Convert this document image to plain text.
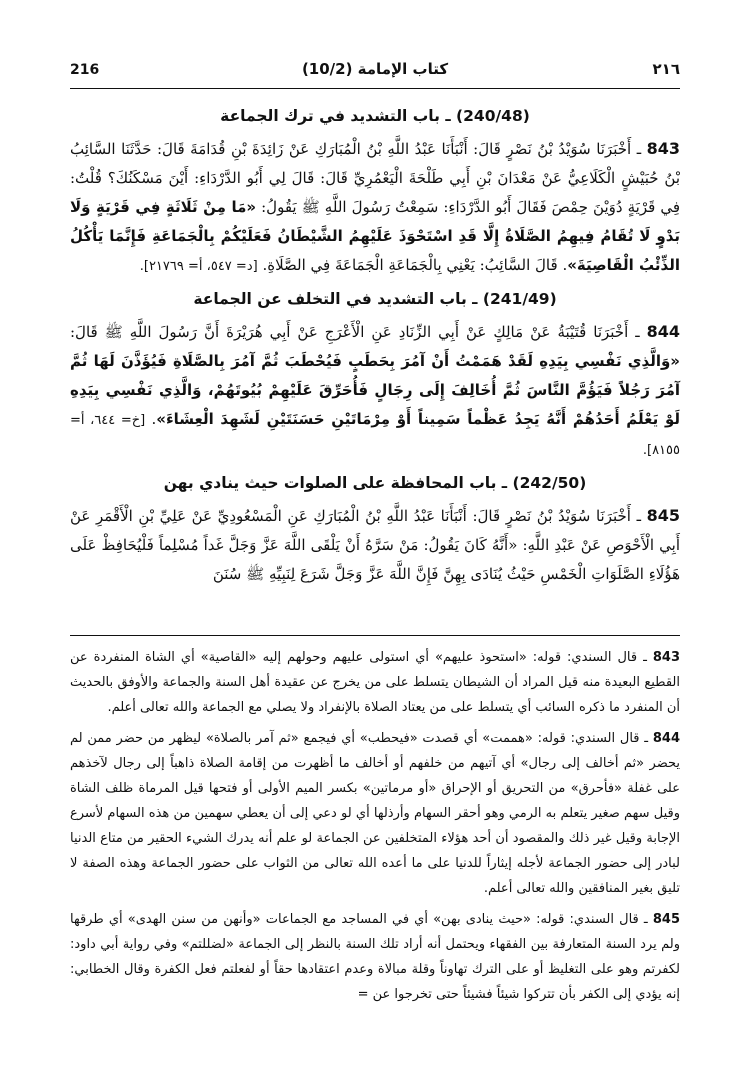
216	(10/2) كتاب الإمامة	٢١٦
(240/48) ـ باب التشديد في ترك الجماعة

843 ـ أَخْبَرَنَا سُوَيْدُ بْنُ نَصْرٍ قَالَ: أَنْبَأَنَا عَبْدُ اللَّهِ بْنُ الْمُبَارَكِ عَنْ زَائِدَةَ بْنِ قُدَامَةَ قَالَ: حَدَّثَنَا السَّائِبُ بْنُ حُبَيْشٍ الْكَلَاعِيُّ عَنْ مَعْدَانَ بْنِ أَبِي طَلْحَةَ الْيَعْمُرِيِّ قَالَ: قَالَ لِي أَبُو الدَّرْدَاءِ: أَيْنَ مَسْكَنُكَ؟ قُلْتُ: فِي قَرْيَةٍ دُوَيْنَ حِمْصَ فَقَالَ أَبُو الدَّرْدَاءِ: سَمِعْتُ رَسُولَ اللَّهِ ﷺ يَقُولُ: «مَا مِنْ ثَلَاثَةٍ فِي قَرْيَةٍ وَلَا بَدْوٍ لَا تُقَامُ فِيهِمُ الصَّلَاةُ إِلَّا قَدِ اسْتَحْوَذَ عَلَيْهِمُ الشَّيْطَانُ فَعَلَيْكُمْ بِالْجَمَاعَةِ فَإِنَّمَا يَأْكُلُ الذِّئْبُ الْقَاصِيَةَ». قَالَ السَّائِبُ: يَعْنِي بِالْجَمَاعَةِ الْجَمَاعَةَ فِي الصَّلَاةِ. [د= ٥٤٧، أ= ٢١٧٦٩].

(241/49) ـ باب التشديد في التخلف عن الجماعة

844 ـ أَخْبَرَنَا قُتَيْبَةُ عَنْ مَالِكٍ عَنْ أَبِي الزِّنَادِ عَنِ الْأَعْرَجِ عَنْ أَبِي هُرَيْرَةَ أَنَّ رَسُولَ اللَّهِ ﷺ قَالَ: «وَالَّذِي نَفْسِي بِيَدِهِ لَقَدْ هَمَمْتُ أَنْ آمُرَ بِحَطَبٍ فَيُحْطَبَ ثُمَّ آمُرَ بِالصَّلَاةِ فَيُؤَذَّنَ لَهَا ثُمَّ آمُرَ رَجُلاً فَيَؤُمَّ النَّاسَ ثُمَّ أُخَالِفَ إِلَى رِجَالٍ فَأُحَرِّقَ عَلَيْهِمْ بُيُوتَهُمْ، وَالَّذِي نَفْسِي بِيَدِهِ لَوْ يَعْلَمُ أَحَدُهُمْ أَنَّهُ يَجِدُ عَظْماً سَمِيناً أَوْ مِرْمَاتَيْنِ حَسَنَتَيْنِ لَشَهِدَ الْعِشَاءَ». [خ= ٦٤٤، أ= ٨١٥٥].

(242/50) ـ باب المحافظة على الصلوات حيث ينادي بهن

845 ـ أَخْبَرَنَا سُوَيْدُ بْنُ نَصْرٍ قَالَ: أَنْبَأَنَا عَبْدُ اللَّهِ بْنُ الْمُبَارَكِ عَنِ الْمَسْعُودِيِّ عَنْ عَلِيِّ بْنِ الْأَقْمَرِ عَنْ أَبِي الْأَحْوَصِ عَنْ عَبْدِ اللَّهِ: «أَنَّهُ كَانَ يَقُولُ: مَنْ سَرَّهُ أَنْ يَلْقَى اللَّهَ عَزَّ وَجَلَّ غَداً مُسْلِماً فَلْيُحَافِظْ عَلَى هَؤُلَاءِ الصَّلَوَاتِ الْخَمْسِ حَيْثُ يُنَادَى بِهِنَّ فَإِنَّ اللَّهَ عَزَّ وَجَلَّ شَرَعَ لِنَبِيِّهِ ﷺ سُنَنَ

843 ـ قال السندي: قوله: «استحوذ عليهم» أي استولى عليهم وحولهم إليه «القاصية» أي الشاة المنفردة عن القطيع البعيدة منه قيل المراد أن الشيطان يتسلط على من يخرج عن عقيدة أهل السنة والجماعة والأوفق بالحديث أن المنفرد ما ذكره السائب أي يتسلط على من يعتاد الصلاة بالإنفراد ولا يصلي مع الجماعة والله تعالى أعلم.

844 ـ قال السندي: قوله: «هممت» أي قصدت «فيحطب» أي فيجمع «ثم آمر بالصلاة» ليظهر من حضر ممن لم يحضر «ثم أخالف إلى رجال» أي آتيهم من خلفهم أو أخالف ما أظهرت من إقامة الصلاة ذاهباً إلى رجال لآخذهم على غفلة «فأحرق» من التحريق أو الإحراق «أو مرماتين» بكسر الميم الأولى أو فتحها قيل المرماة ظلف الشاة وقيل سهم صغير يتعلم به الرمي وهو أحقر السهام وأرذلها أي لو دعي إلى أن يعطي سهمين من هذه السهام لأسرع الإجابة وقيل غير ذلك والمقصود أن أحد هؤلاء المتخلفين عن الجماعة لو علم أنه يدرك الشيء الحقير من متاع الدنيا لبادر إلى حضور الجماعة لأجله إيثاراً للدنيا على ما أعده الله تعالى من الثواب على حضور الجماعة وهذه الصفة لا تليق بغير المنافقين والله تعالى أعلم.

845 ـ قال السندي: قوله: «حيث ينادى بهن» أي في المساجد مع الجماعات «وأنهن من سنن الهدى» أي طرقها ولم يرد السنة المتعارفة بين الفقهاء ويحتمل أنه أراد تلك السنة بالنظر إلى الجماعة «لضللتم» وفي رواية أبي داود: لكفرتم وهو على التغليظ أو على الترك تهاوناً وقلة مبالاة وعدم اعتقادها حقاً أو لفعلتم فعل الكفرة وقال الخطابي: إنه يؤدي إلى الكفر بأن تتركوا شيئاً فشيئاً حتى تخرجوا عن =
